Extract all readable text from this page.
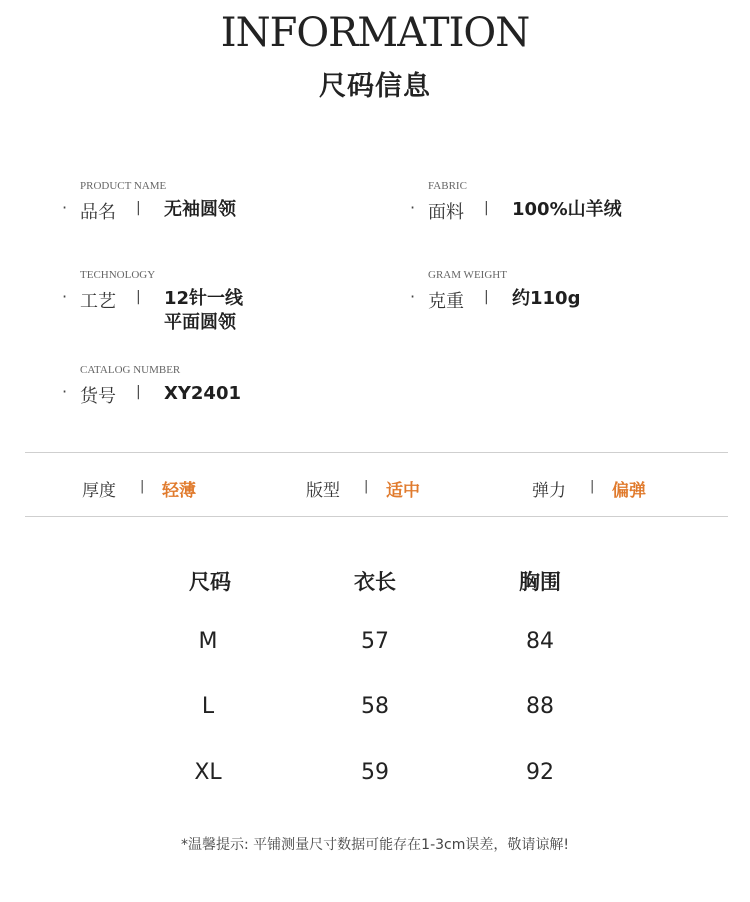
INFORMATION
尺码信息
PRODUCT NAME
· 品名 | 无袖圆领
FABRIC
· 面料 | 100%山羊绒
TECHNOLOGY
· 工艺 | 12针一线
平面圆领
GRAM WEIGHT
· 克重 | 约110g
CATALOG NUMBER
· 货号 | XY2401
厚度 | 轻薄	版型 | 适中	弹力 | 偏弹
尺码	衣长	胸围
M	57	84
L	58	88
XL	59	92
*温馨提示: 平铺测量尺寸数据可能存在1-3cm误差，敬请谅解!
